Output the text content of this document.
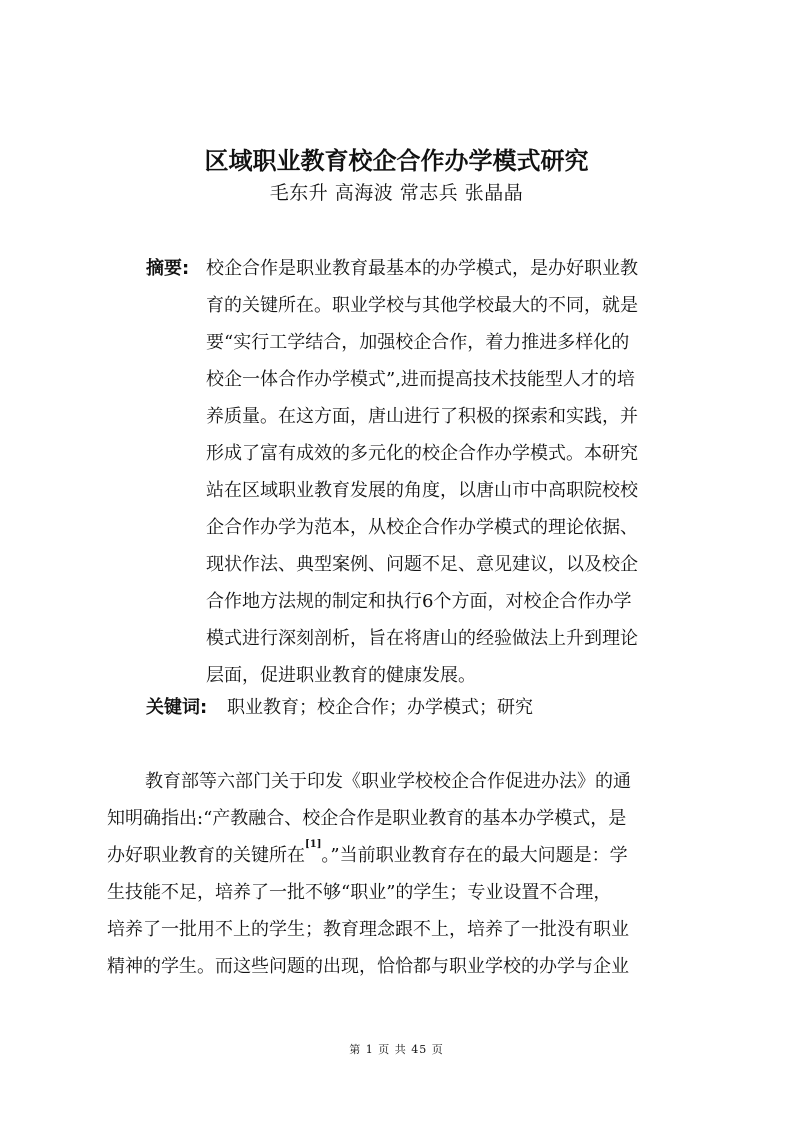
区域职业教育校企合作办学模式研究
毛东升 高海波 常志兵 张晶晶
摘要: 校企合作是职业教育最基本的办学模式，是办好职业教
育的关键所在。职业学校与其他学校最大的不同，就是
要“实行工学结合，加强校企合作，着力推进多样化的
校企一体合作办学模式”,进而提高技术技能型人才的培
养质量。在这方面，唐山进行了积极的探索和实践，并
形成了富有成效的多元化的校企合作办学模式。本研究
站在区域职业教育发展的角度，以唐山市中高职院校校
企合作办学为范本，从校企合作办学模式的理论依据、
现状作法、典型案例、问题不足、意见建议，以及校企
合作地方法规的制定和执行6个方面，对校企合作办学
模式进行深刻剖析，旨在将唐山的经验做法上升到理论
层面，促进职业教育的健康发展。
关键词: 职业教育；校企合作；办学模式；研究
教育部等六部门关于印发《职业学校校企合作促进办法》的通
知明确指出:“产教融合、校企合作是职业教育的基本办学模式，是
办好职业教育的关键所在[1]。”当前职业教育存在的最大问题是：学
生技能不足，培养了一批不够“职业”的学生；专业设置不合理，
培养了一批用不上的学生；教育理念跟不上，培养了一批没有职业
精神的学生。而这些问题的出现，恰恰都与职业学校的办学与企业
第 1 页 共 45 页
